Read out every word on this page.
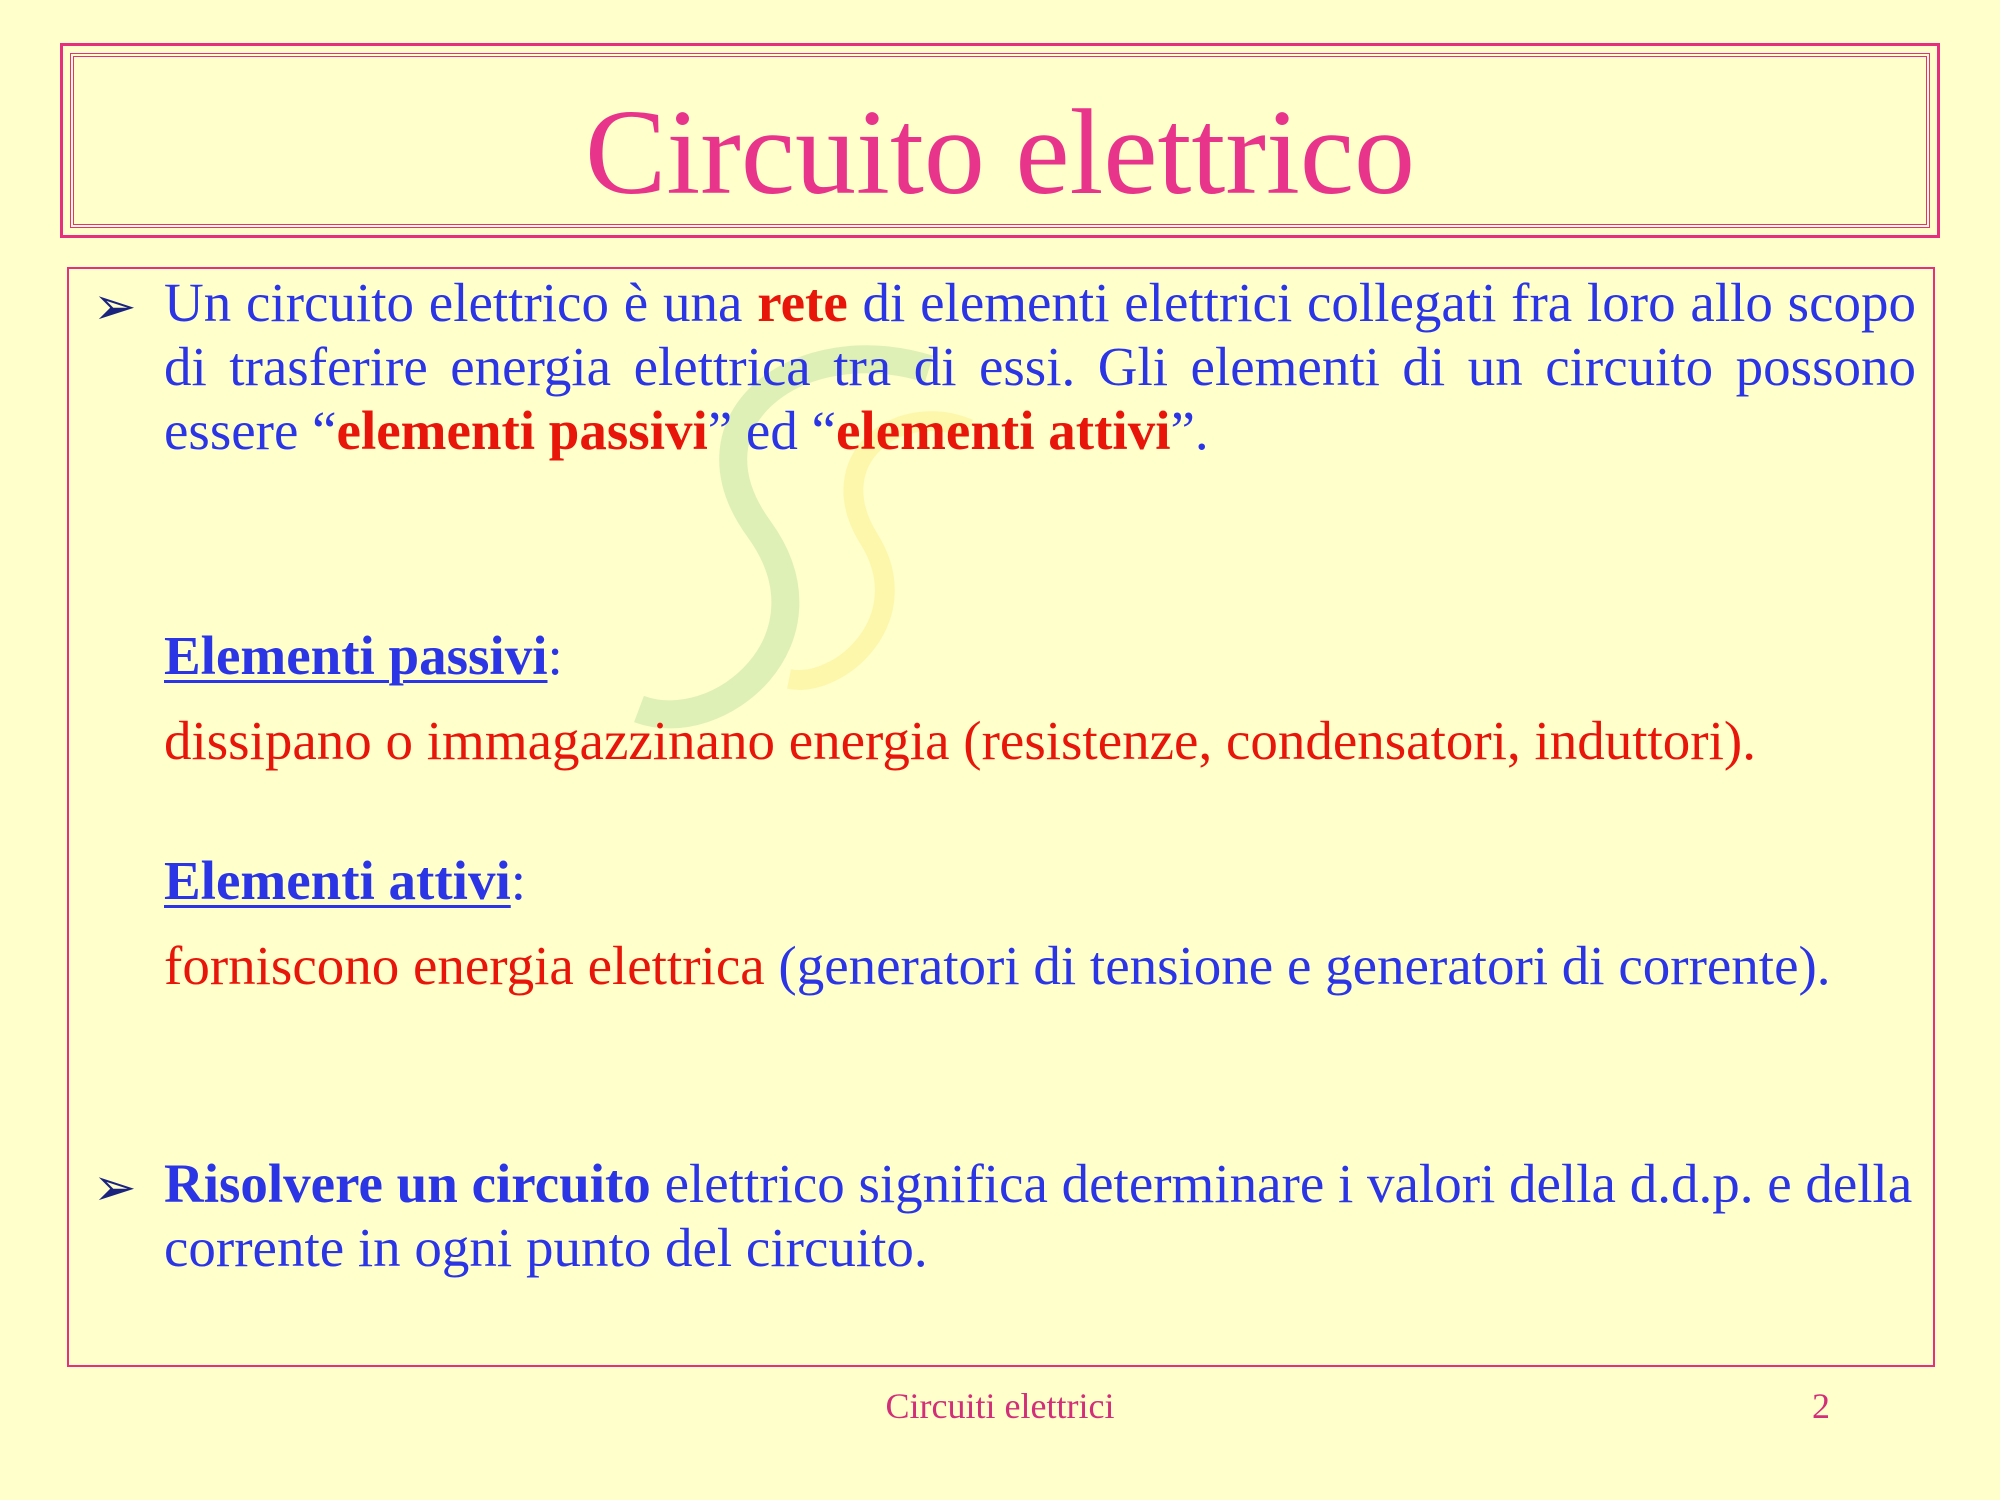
Circuito elettrico
➢ Un circuito elettrico è una rete di elementi elettrici collegati fra loro allo scopo di trasferire energia elettrica tra di essi. Gli elementi di un circuito possono essere “elementi passivi” ed “elementi attivi”.

Elementi passivi:

dissipano o immagazzinano energia (resistenze, condensatori, induttori).

Elementi attivi:

forniscono energia elettrica (generatori di tensione e generatori di corrente).

➢ Risolvere un circuito elettrico significa determinare i valori della d.d.p. e della corrente in ogni punto del circuito.

Circuiti elettrici	2
